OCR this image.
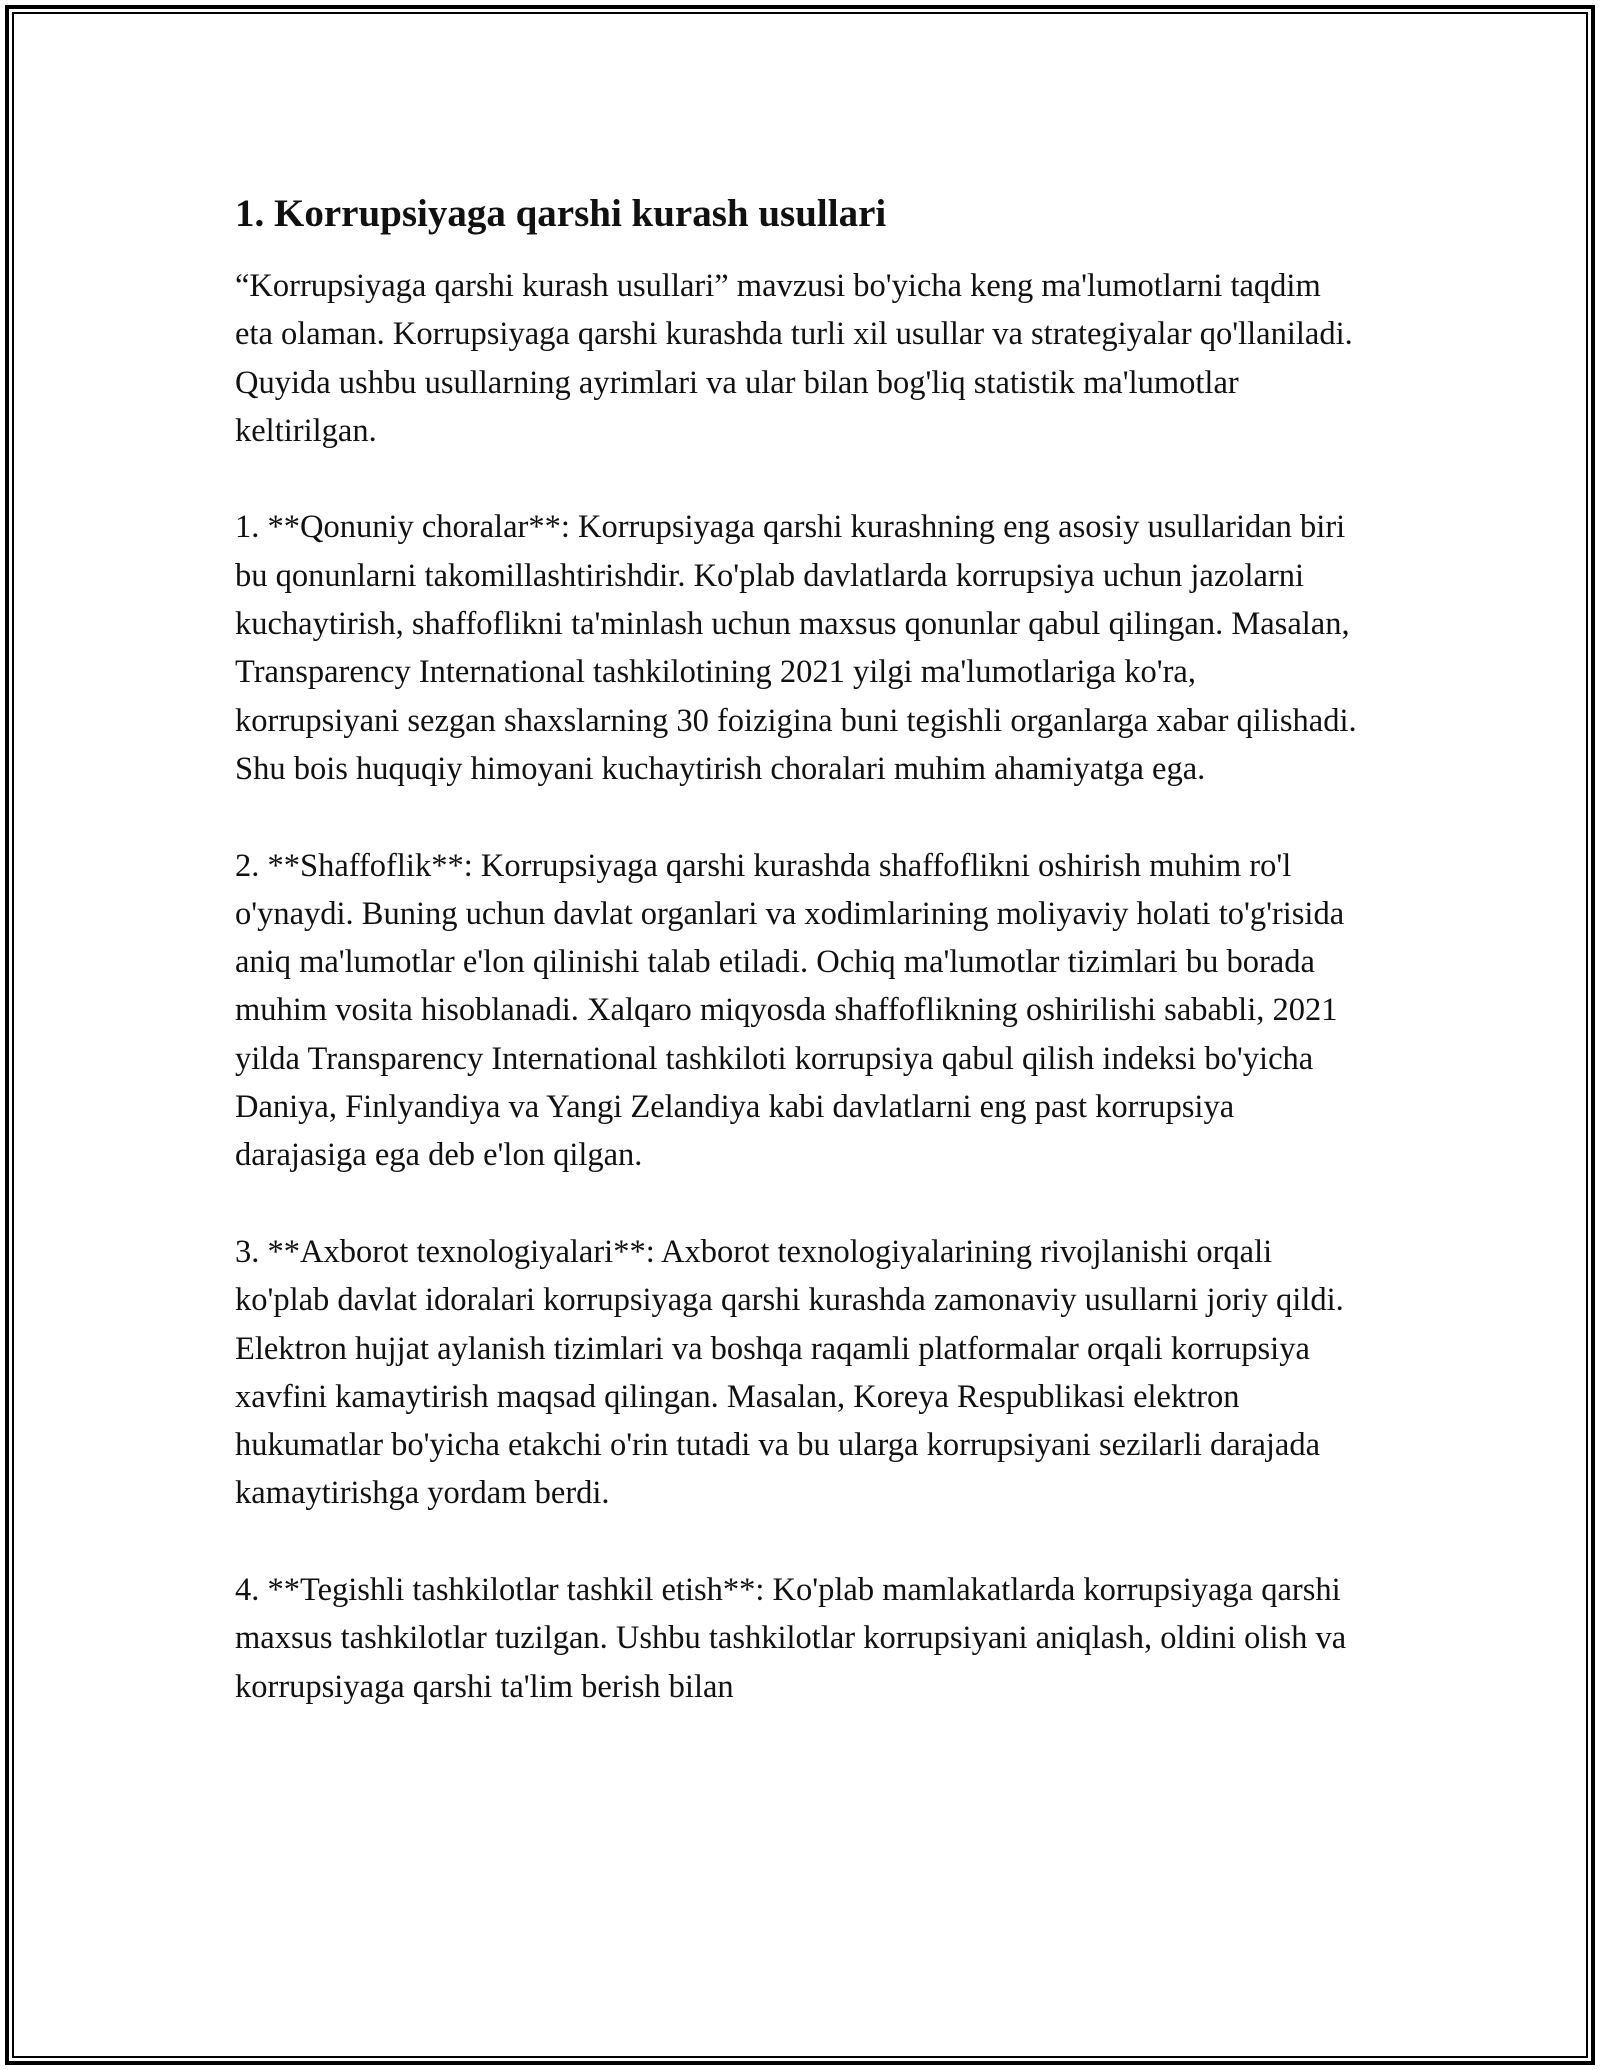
1. Korrupsiyaga qarshi kurash usullari

“Korrupsiyaga qarshi kurash usullari” mavzusi bo'yicha keng ma'lumotlarni taqdim eta olaman. Korrupsiyaga qarshi kurashda turli xil usullar va strategiyalar qo'llaniladi. Quyida ushbu usullarning ayrimlari va ular bilan bog'liq statistik ma'lumotlar keltirilgan.

1. **Qonuniy choralar**: Korrupsiyaga qarshi kurashning eng asosiy usullaridan biri bu qonunlarni takomillashtirishdir. Ko'plab davlatlarda korrupsiya uchun jazolarni kuchaytirish, shaffoflikni ta'minlash uchun maxsus qonunlar qabul qilingan. Masalan, Transparency International tashkilotining 2021 yilgi ma'lumotlariga ko'ra, korrupsiyani sezgan shaxslarning 30 foizigina buni tegishli organlarga xabar qilishadi. Shu bois huquqiy himoyani kuchaytirish choralari muhim ahamiyatga ega.

2. **Shaffoflik**: Korrupsiyaga qarshi kurashda shaffoflikni oshirish muhim ro'l o'ynaydi. Buning uchun davlat organlari va xodimlarining moliyaviy holati to'g'risida aniq ma'lumotlar e'lon qilinishi talab etiladi. Ochiq ma'lumotlar tizimlari bu borada muhim vosita hisoblanadi. Xalqaro miqyosda shaffoflikning oshirilishi sababli, 2021 yilda Transparency International tashkiloti korrupsiya qabul qilish indeksi bo'yicha Daniya, Finlyandiya va Yangi Zelandiya kabi davlatlarni eng past korrupsiya darajasiga ega deb e'lon qilgan.

3. **Axborot texnologiyalari**: Axborot texnologiyalarining rivojlanishi orqali ko'plab davlat idoralari korrupsiyaga qarshi kurashda zamonaviy usullarni joriy qildi. Elektron hujjat aylanish tizimlari va boshqa raqamli platformalar orqali korrupsiya xavfini kamaytirish maqsad qilingan. Masalan, Koreya Respublikasi elektron hukumatlar bo'yicha etakchi o'rin tutadi va bu ularga korrupsiyani sezilarli darajada kamaytirishga yordam berdi.

4. **Tegishli tashkilotlar tashkil etish**: Ko'plab mamlakatlarda korrupsiyaga qarshi maxsus tashkilotlar tuzilgan. Ushbu tashkilotlar korrupsiyani aniqlash, oldini olish va korrupsiyaga qarshi ta'lim berish bilan
